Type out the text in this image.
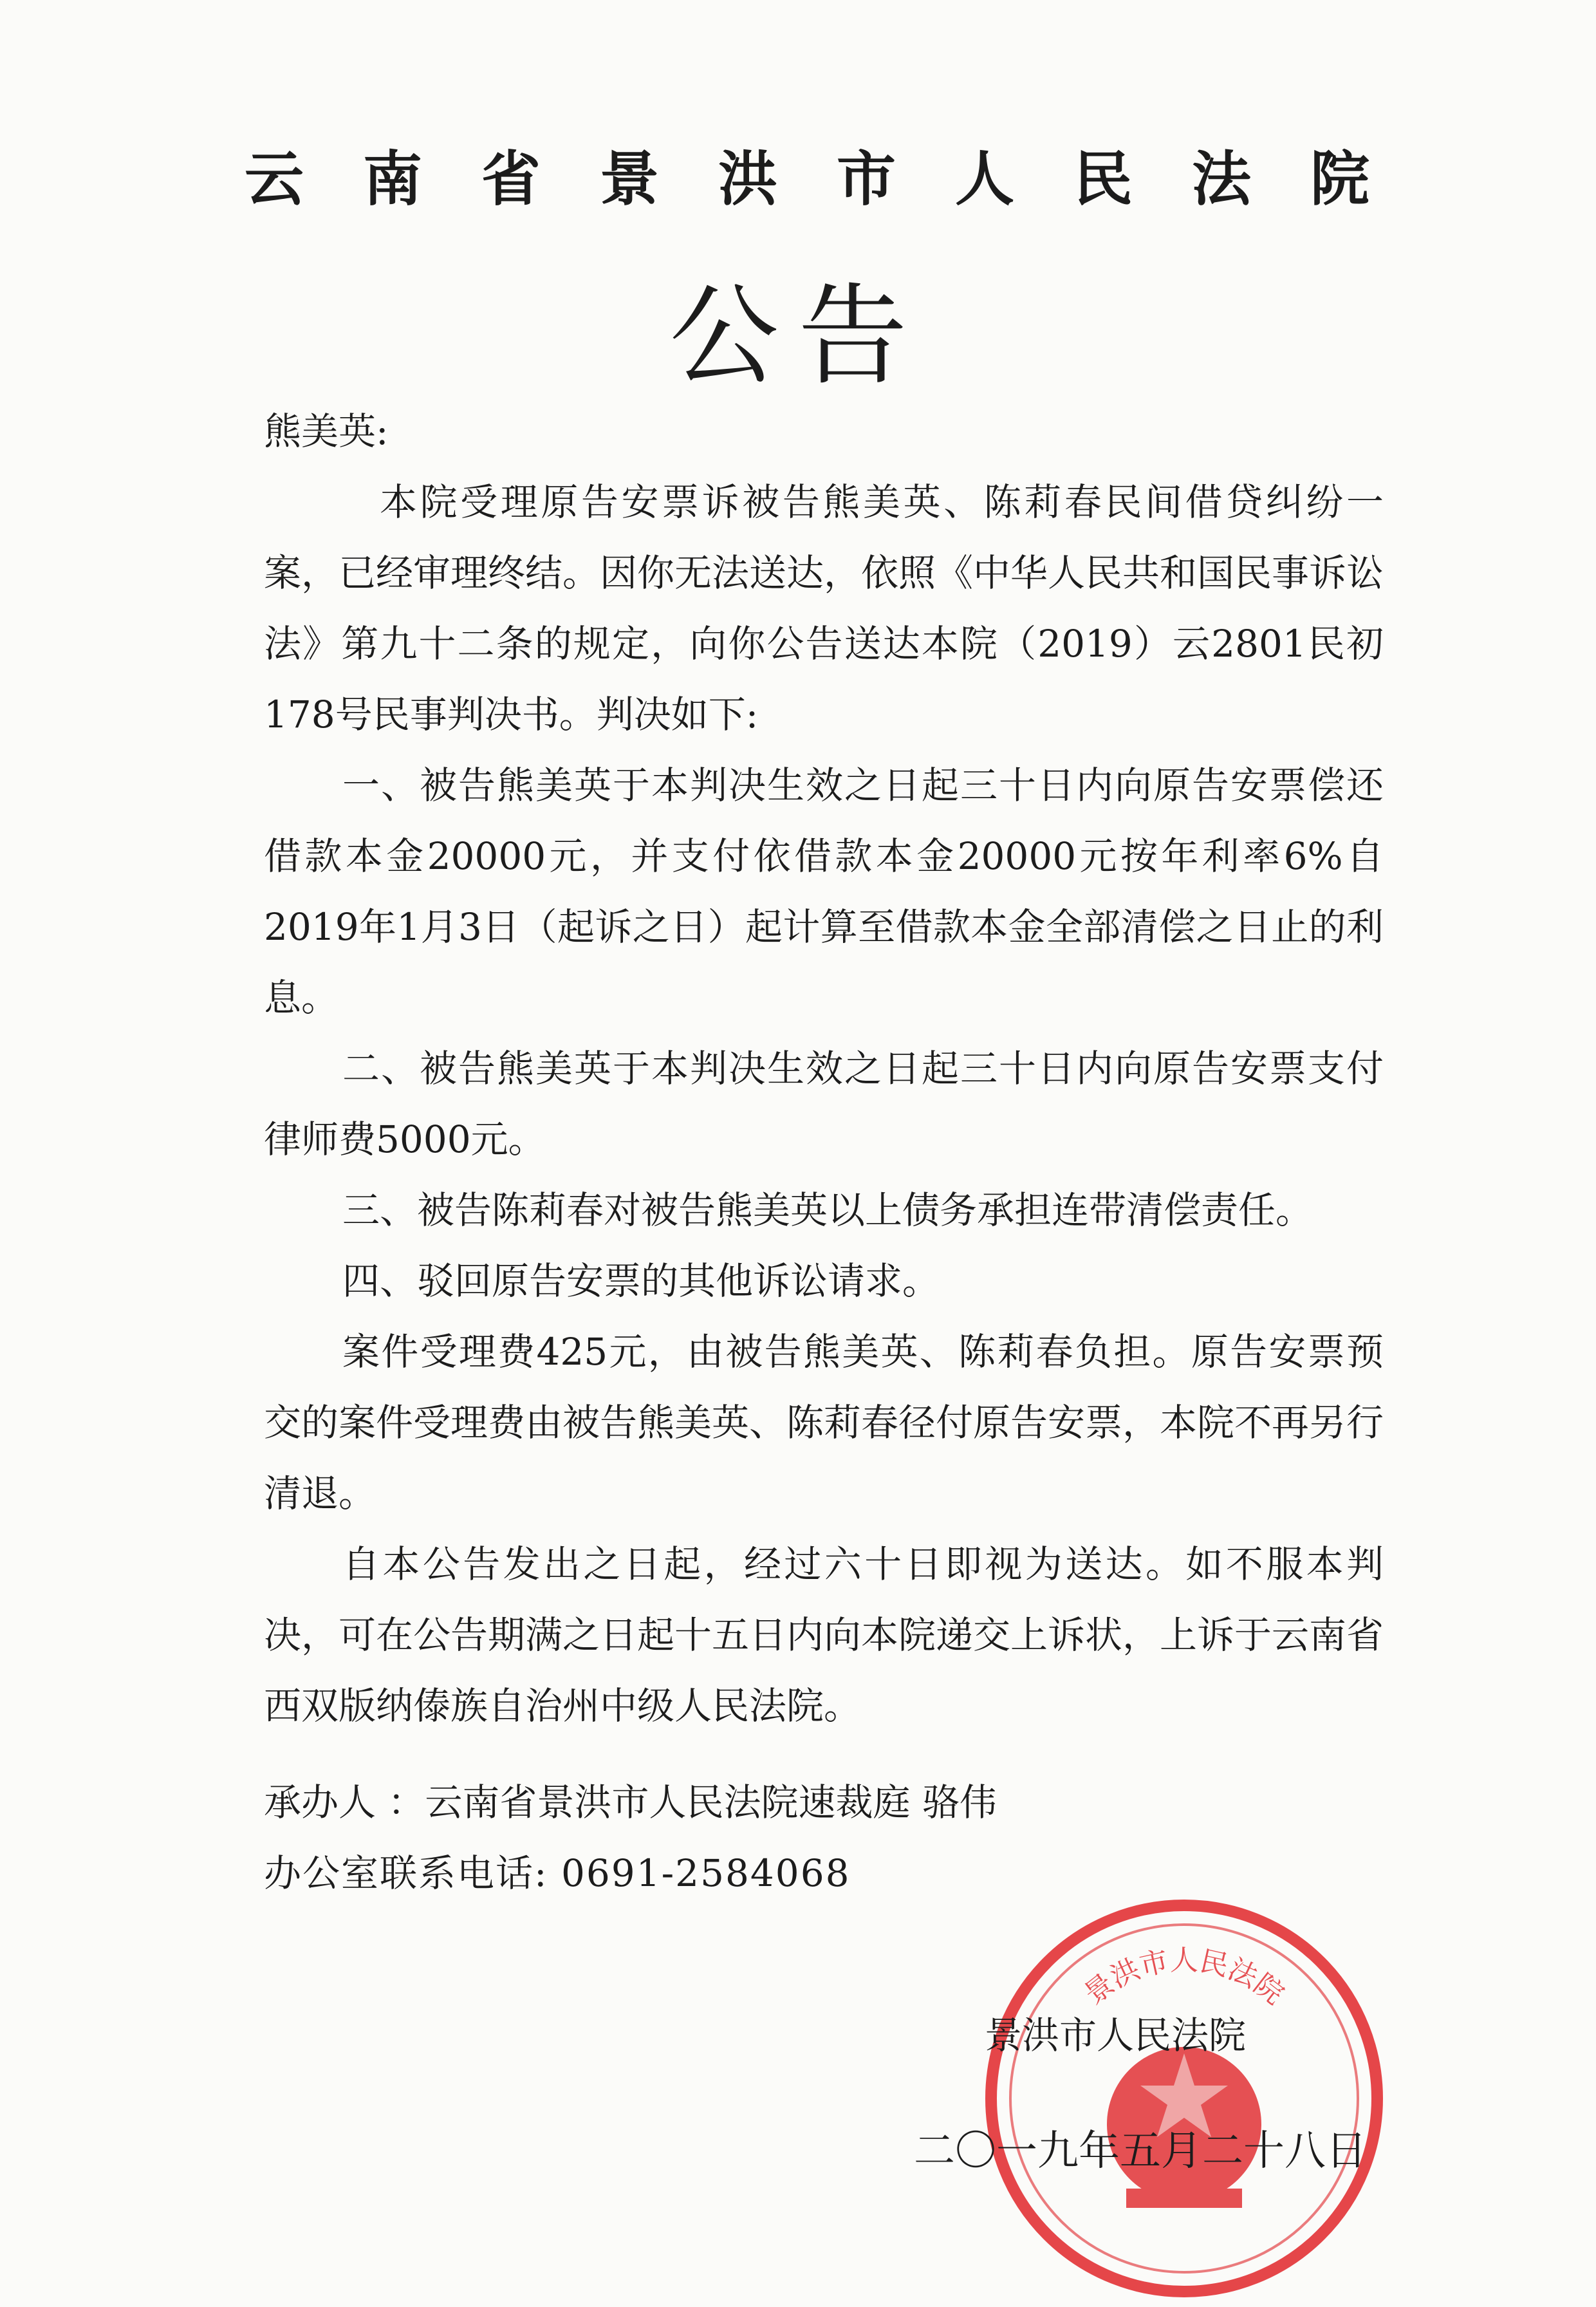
云南省景洪市人民法院
公告

熊美英:

本院受理原告安票诉被告熊美英、陈莉春民间借贷纠纷一案，已经审理终结。因你无法送达，依照《中华人民共和国民事诉讼法》第九十二条的规定，向你公告送达本院（2019）云2801民初178号民事判决书。判决如下:

一、被告熊美英于本判决生效之日起三十日内向原告安票偿还借款本金20000元，并支付依借款本金20000元按年利率6%自2019年1月3日（起诉之日）起计算至借款本金全部清偿之日止的利息。

二、被告熊美英于本判决生效之日起三十日内向原告安票支付律师费5000元。

三、被告陈莉春对被告熊美英以上债务承担连带清偿责任。

四、驳回原告安票的其他诉讼请求。

案件受理费425元，由被告熊美英、陈莉春负担。原告安票预交的案件受理费由被告熊美英、陈莉春径付原告安票，本院不再另行清退。

自本公告发出之日起，经过六十日即视为送达。如不服本判决，可在公告期满之日起十五日内向本院递交上诉状，上诉于云南省西双版纳傣族自治州中级人民法院。

承办人 ：云南省景洪市人民法院速裁庭 骆伟
办公室联系电话: 0691-2584068
景洪市人民法院
景洪市人民法院
二〇一九年五月二十八日
